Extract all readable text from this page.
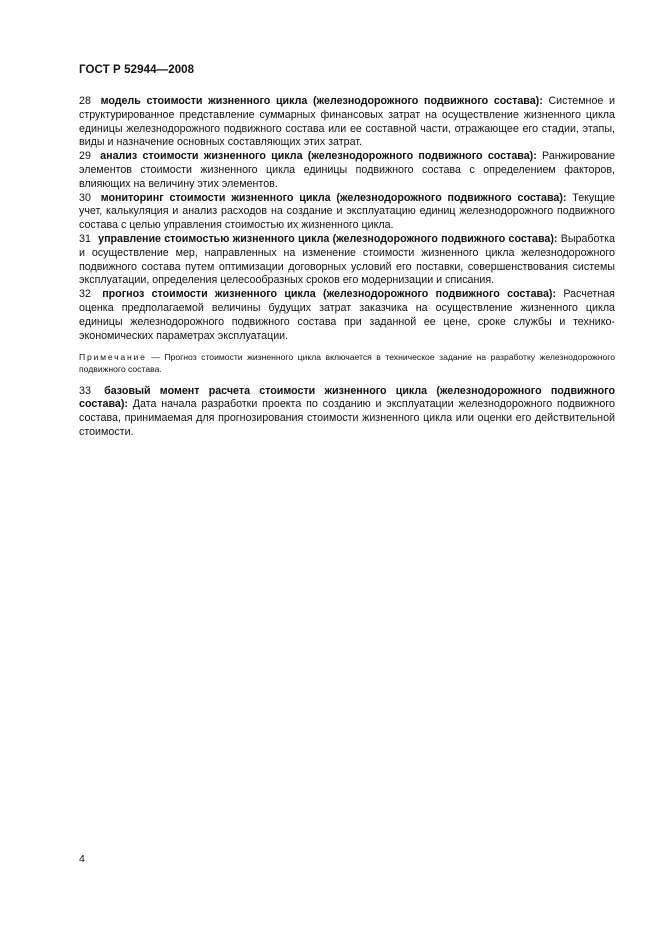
ГОСТ Р 52944—2008

28 модель стоимости жизненного цикла (железнодорожного подвижного состава): Системное и структурированное представление суммарных финансовых затрат на осуществление жизненного цикла единицы железнодорожного подвижного состава или ее составной части, отражающее его стадии, этапы, виды и назначение основных составляющих этих затрат.

29 анализ стоимости жизненного цикла (железнодорожного подвижного состава): Ранжирование элементов стоимости жизненного цикла единицы подвижного состава с определением факторов, влияющих на величину этих элементов.

30 мониторинг стоимости жизненного цикла (железнодорожного подвижного состава): Текущие учет, калькуляция и анализ расходов на создание и эксплуатацию единиц железнодорожного подвижного состава с целью управления стоимостью их жизненного цикла.

31 управление стоимостью жизненного цикла (железнодорожного подвижного состава): Выработка и осуществление мер, направленных на изменение стоимости жизненного цикла железнодорожного подвижного состава путем оптимизации договорных условий его поставки, совершенствования системы эксплуатации, определения целесообразных сроков его модернизации и списания.

32 прогноз стоимости жизненного цикла (железнодорожного подвижного состава): Расчетная оценка предполагаемой величины будущих затрат заказчика на осуществление жизненного цикла единицы железнодорожного подвижного состава при заданной ее цене, сроке службы и технико-экономических параметрах эксплуатации.

Примечание — Прогноз стоимости жизненного цикла включается в техническое задание на разработку железнодорожного подвижного состава.

33 базовый момент расчета стоимости жизненного цикла (железнодорожного подвижного состава): Дата начала разработки проекта по созданию и эксплуатации железнодорожного подвижного состава, принимаемая для прогнозирования стоимости жизненного цикла или оценки его действительной стоимости.

4
